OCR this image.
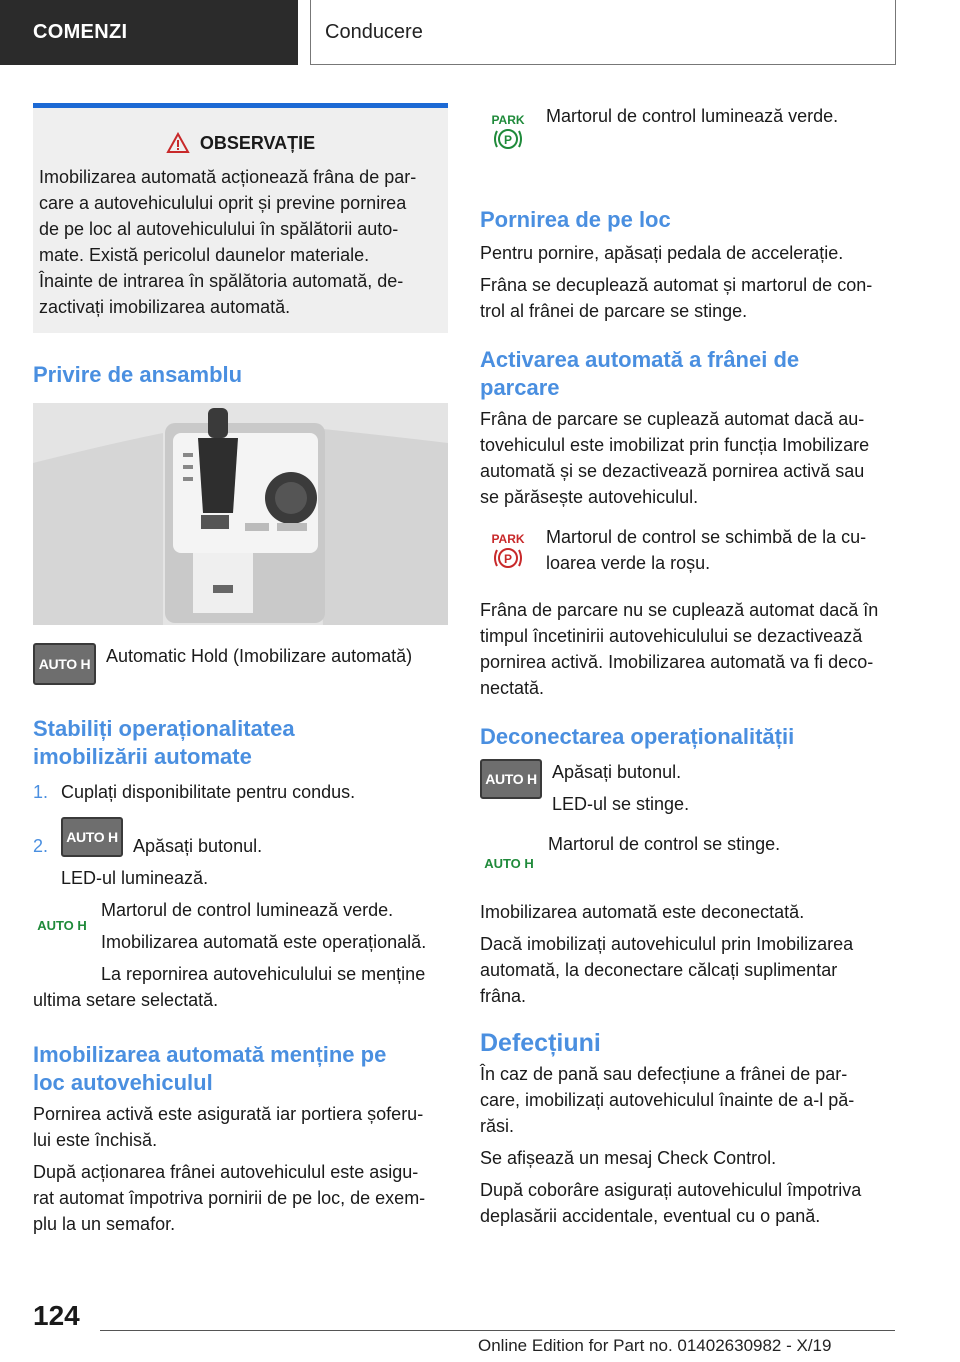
COMENZI	Conducere
OBSERVAȚIE

Imobilizarea automată acționează frâna de par-

care a autovehiculului oprit și previne pornirea

de pe loc al autovehiculului în spălătorii auto-

mate. Există pericolul daunelor materiale.

Înainte de intrarea în spălătoria automată, de-

zactivați imobilizarea automată.

Privire de ansamblu
AUTO H Automatic Hold (Imobilizare automată)

Stabiliți operaționalitatea
imobilizării automate

1. Cuplați disponibilitate pentru condus.

2.	AUTO H Apăsați butonul.

LED-ul luminează.

AUTO H

Martorul de control luminează verde.

Imobilizarea automată este operațională.

La repornirea autovehiculului se menține

ultima setare selectată.

Imobilizarea automată menține pe
loc autovehiculul

Pornirea activă este asigurată iar portiera șoferu-
lui este închisă.

După acționarea frânei autovehiculul este asigu-
rat automat împotriva pornirii de pe loc, de exem-
plu la un semafor.

PARK
P

Martorul de control luminează verde.

Pornirea de pe loc

Pentru pornire, apăsați pedala de accelerație.

Frâna se decuplează automat și martorul de con-
trol al frânei de parcare se stinge.

Activarea automată a frânei de
parcare

Frâna de parcare se cuplează automat dacă au-
tovehiculul este imobilizat prin funcția Imobilizare
automată și se dezactivează pornirea activă sau
se părăsește autovehiculul.

PARK
P

Martorul de control se schimbă de la cu-
loarea verde la roșu.

Frâna de parcare nu se cuplează automat dacă în
timpul încetinirii autovehiculului se dezactivează
pornirea activă. Imobilizarea automată va fi deco-
nectată.

Deconectarea operaționalității
AUTO H Apăsați butonul.

LED-ul se stinge.

AUTO H

Martorul de control se stinge.

Imobilizarea automată este deconectată.

Dacă imobilizați autovehiculul prin Imobilizarea
automată, la deconectare călcați suplimentar
frâna.

Defecțiuni

În caz de pană sau defecțiune a frânei de par-
care, imobilizați autovehiculul înainte de a-l pă-
răsi.

Se afișează un mesaj Check Control.

După coborâre asigurați autovehiculul împotriva
deplasării accidentale, eventual cu o pană.

124
Online Edition for Part no. 01402630982 - X/19
